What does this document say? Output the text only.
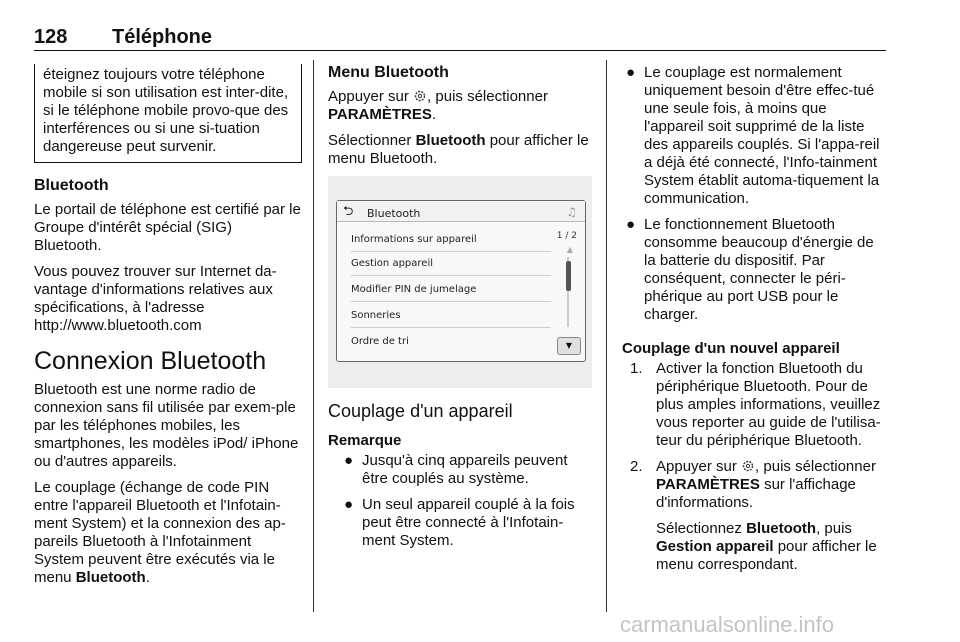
128 Téléphone
éteignez toujours votre téléphone mobile si son utilisation est inter-dite, si le téléphone mobile provo-que des interférences ou si une si-tuation dangereuse peut survenir.
Bluetooth

Le portail de téléphone est certifié par le Groupe d'intérêt spécial (SIG) Bluetooth.

Vous pouvez trouver sur Internet da-vantage d'informations relatives aux spécifications, à l'adresse http://www.bluetooth.com

Connexion Bluetooth

Bluetooth est une norme radio de connexion sans fil utilisée par exem-ple par les téléphones mobiles, les smartphones, les modèles iPod/ iPhone ou d'autres appareils.

Le couplage (échange de code PIN entre l'appareil Bluetooth et l'Infotain-ment System) et la connexion des ap-pareils Bluetooth à l'Infotainment System peuvent être exécutés via le menu Bluetooth.

Menu Bluetooth

Appuyer sur , puis sélectionner PARAMÈTRES.

Sélectionner Bluetooth pour afficher le menu Bluetooth.

⮌ Bluetooth	♫
Informations sur appareil
Gestion appareil
Modifier PIN de jumelage
Sonneries
Ordre de tri
1 / 2
▲
▼
Couplage d'un appareil
Remarque
● Jusqu'à cinq appareils peuvent être couplés au système.
● Un seul appareil couplé à la fois peut être connecté à l'Infotain-ment System.
● Le couplage est normalement uniquement besoin d'être effec-tué une seule fois, à moins que l'appareil soit supprimé de la liste des appareils couplés. Si l'appa-reil a déjà été connecté, l'Info-tainment System établit automa-tiquement la communication.
● Le fonctionnement Bluetooth consomme beaucoup d'énergie de la batterie du dispositif. Par conséquent, connecter le péri-phérique au port USB pour le charger.
Couplage d'un nouvel appareil
1. Activer la fonction Bluetooth du périphérique Bluetooth. Pour de plus amples informations, veuillez vous reporter au guide de l'utilisa-teur du périphérique Bluetooth.
2. Appuyer sur , puis sélectionner PARAMÈTRES sur l'affichage d'informations.
Sélectionnez Bluetooth, puis Gestion appareil pour afficher le menu correspondant.
carmanualsonline.info
